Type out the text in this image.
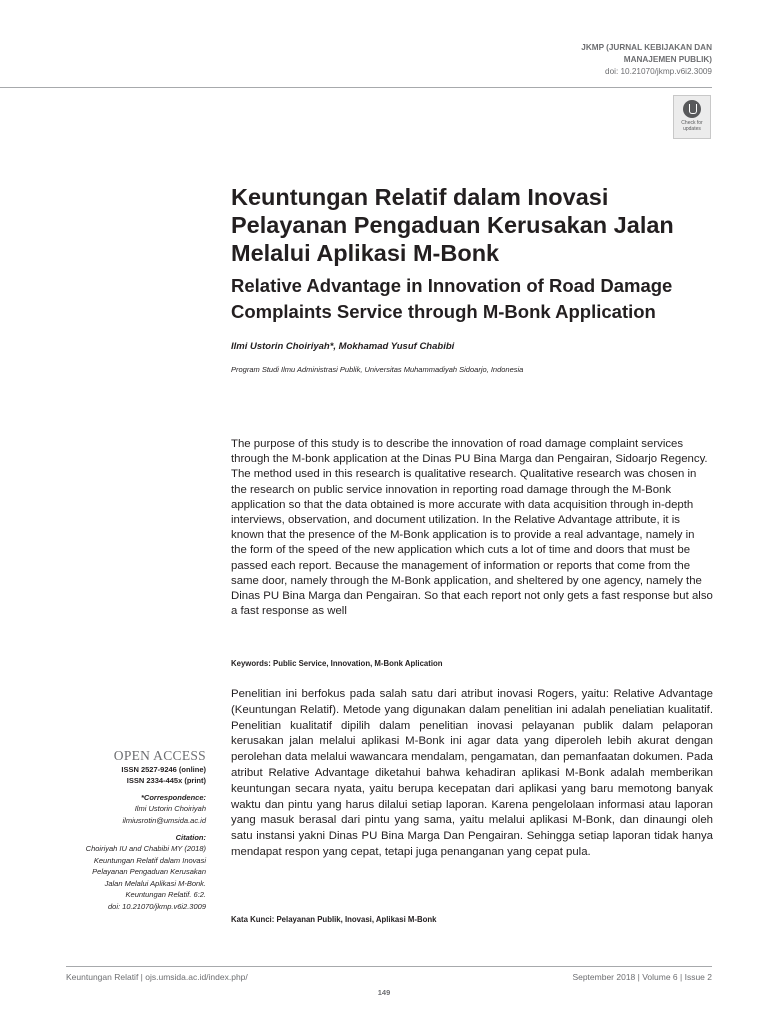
JKMP (JURNAL KEBIJAKAN DAN
MANAJEMEN PUBLIK)
doi: 10.21070/jkmp.v6i2.3009
Check for updates
Keuntungan Relatif dalam Inovasi Pelayanan Pengaduan Kerusakan Jalan Melalui Aplikasi M-Bonk
Relative Advantage in Innovation of Road Damage Complaints Service through M-Bonk Application
Ilmi Ustorin Choiriyah*, Mokhamad Yusuf Chabibi
Program Studi Ilmu Administrasi Publik, Universitas Muhammadiyah Sidoarjo, Indonesia

The purpose of this study is to describe the innovation of road damage complaint services through the M-bonk application at the Dinas PU Bina Marga dan Pengairan, Sidoarjo Regency. The method used in this research is qualitative research. Qualitative research was chosen in the research on public service innovation in reporting road damage through the M-Bonk application so that the data obtained is more accurate with data acquisition through in-depth interviews, observation, and document utilization. In the Relative Advantage attribute, it is known that the presence of the M-Bonk application is to provide a real advantage, namely in the form of the speed of the new application which cuts a lot of time and doors that must be passed each report. Because the management of information or reports that come from the same door, namely through the M-Bonk application, and sheltered by one agency, namely the Dinas PU Bina Marga dan Pengairan. So that each report not only gets a fast response but also a fast response as well

Keywords: Public Service, Innovation, M-Bonk Aplication

Penelitian ini berfokus pada salah satu dari atribut inovasi Rogers, yaitu: Relative Advantage (Keuntungan Relatif). Metode yang digunakan dalam penelitian ini adalah peneliatian kualitatif. Penelitian kualitatif dipilih dalam penelitian inovasi pelayanan publik dalam pelaporan kerusakan jalan melalui aplikasi M-Bonk ini agar data yang diperoleh lebih akurat dengan perolehan data melalui wawancara mendalam, pengamatan, dan pemanfaatan dokumen. Pada atribut Relative Advantage diketahui bahwa kehadiran aplikasi M-Bonk adalah memberikan keuntungan secara nyata, yaitu berupa kecepatan dari aplikasi yang baru memotong banyak waktu dan pintu yang harus dilalui setiap laporan. Karena pengelolaan informasi atau laporan yang masuk berasal dari pintu yang sama, yaitu melalui aplikasi M-Bonk, dan dinaungi oleh satu instansi yakni Dinas PU Bina Marga Dan Pengairan. Sehingga setiap laporan tidak hanya mendapat respon yang cepat, tetapi juga penanganan yang cepat pula.

Kata Kunci: Pelayanan Publik, Inovasi, Aplikasi M-Bonk
OPEN ACCESS
ISSN 2527-9246 (online)
ISSN 2334-445x (print)
*Correspondence:
Ilmi Ustorin Choiriyah
ilmiusrotin@umsida.ac.id
Citation:
Choiriyah IU and Chabibi MY (2018)
Keuntungan Relatif dalam Inovasi
Pelayanan Pengaduan Kerusakan
Jalan Melalui Aplikasi M-Bonk.
Keuntungan Relatif. 6:2.
doi: 10.21070/jkmp.v6i2.3009
Keuntungan Relatif | ojs.umsida.ac.id/index.php/	September 2018 | Volume 6 | Issue 2
149
